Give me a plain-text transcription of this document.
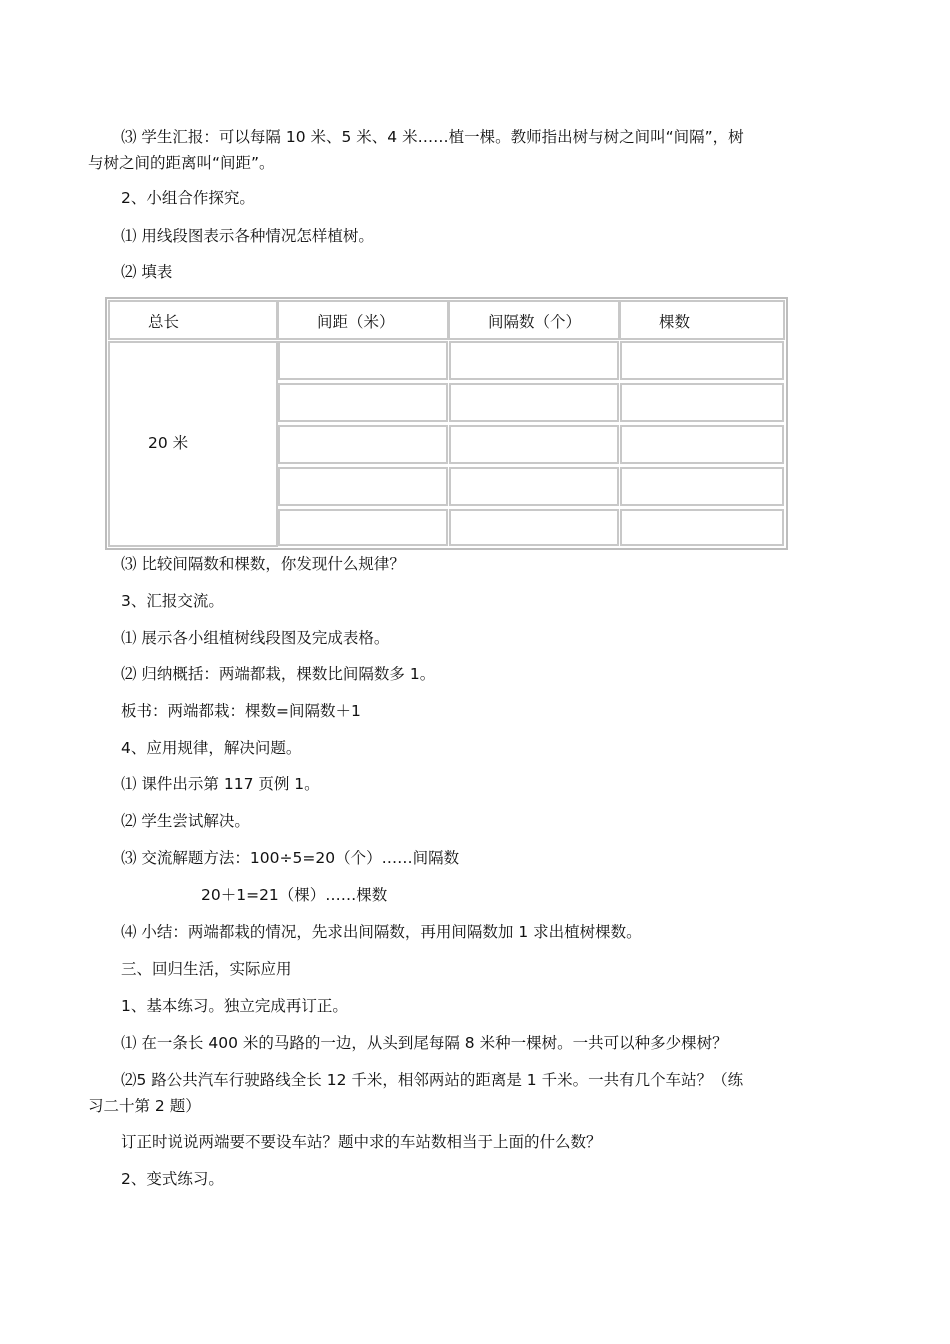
⑶ 学生汇报：可以每隔 10 米、5 米、4 米……植一棵。教师指出树与树之间叫“间隔”，树
与树之间的距离叫“间距”。
2、小组合作探究。
⑴ 用线段图表示各种情况怎样植树。
⑵ 填表
总长	间距（米）	间隔数（个）	棵数
20 米
⑶ 比较间隔数和棵数，你发现什么规律？
3、汇报交流。
⑴ 展示各小组植树线段图及完成表格。
⑵ 归纳概括：两端都栽，棵数比间隔数多 1。
板书：两端都栽：棵数=间隔数＋1
4、应用规律，解决问题。
⑴ 课件出示第 117 页例 1。
⑵ 学生尝试解决。
⑶ 交流解题方法：100÷5=20（个）……间隔数
20＋1=21（棵）……棵数
⑷ 小结：两端都栽的情况，先求出间隔数，再用间隔数加 1 求出植树棵数。
三、回归生活，实际应用
1、基本练习。独立完成再订正。
⑴ 在一条长 400 米的马路的一边，从头到尾每隔 8 米种一棵树。一共可以种多少棵树？
⑵5 路公共汽车行驶路线全长 12 千米，相邻两站的距离是 1 千米。一共有几个车站？（练
习二十第 2 题）
订正时说说两端要不要设车站？题中求的车站数相当于上面的什么数？
2、变式练习。
